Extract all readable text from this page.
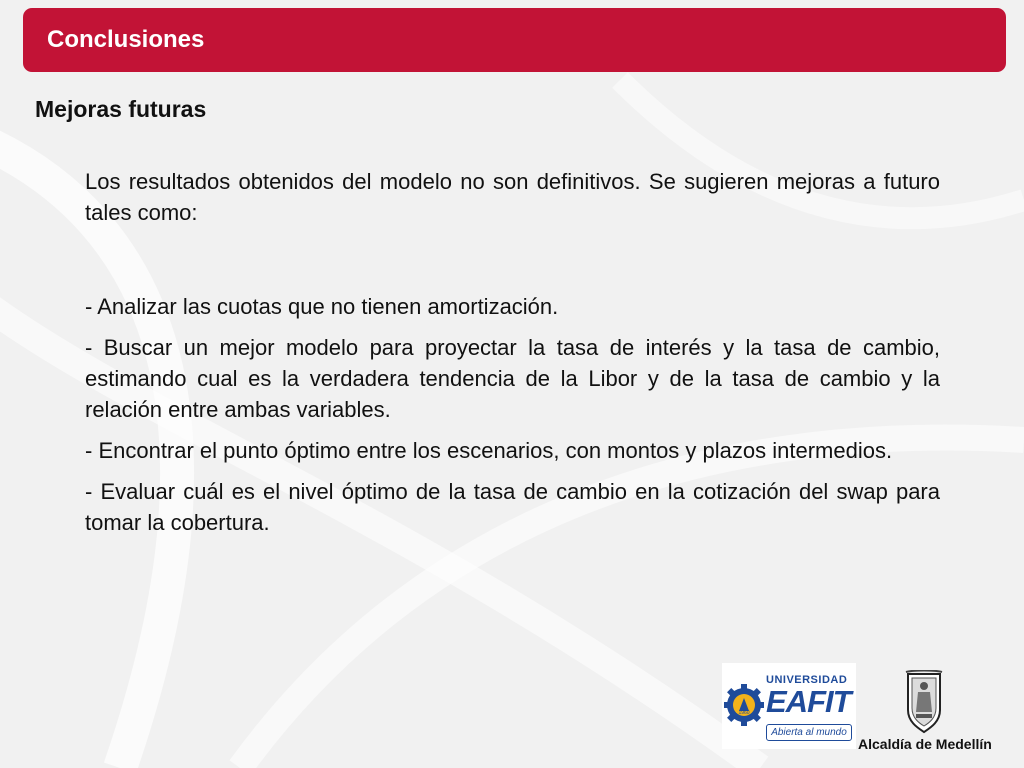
Conclusiones
Mejoras futuras

Los resultados obtenidos del modelo no son definitivos. Se sugieren mejoras a futuro tales como:

- Analizar las cuotas que no tienen amortización.

- Buscar un mejor modelo para proyectar la tasa de interés y la tasa de cambio, estimando cual es la verdadera tendencia de la Libor y de la tasa de cambio y la relación entre ambas variables.

- Encontrar el punto óptimo entre los escenarios, con montos y plazos intermedios.

- Evaluar cuál es el nivel óptimo de la tasa de cambio en la cotización del swap para tomar la cobertura.

1960
UNIVERSIDAD
EAFIT
Abierta al mundo
Alcaldía de Medellín
